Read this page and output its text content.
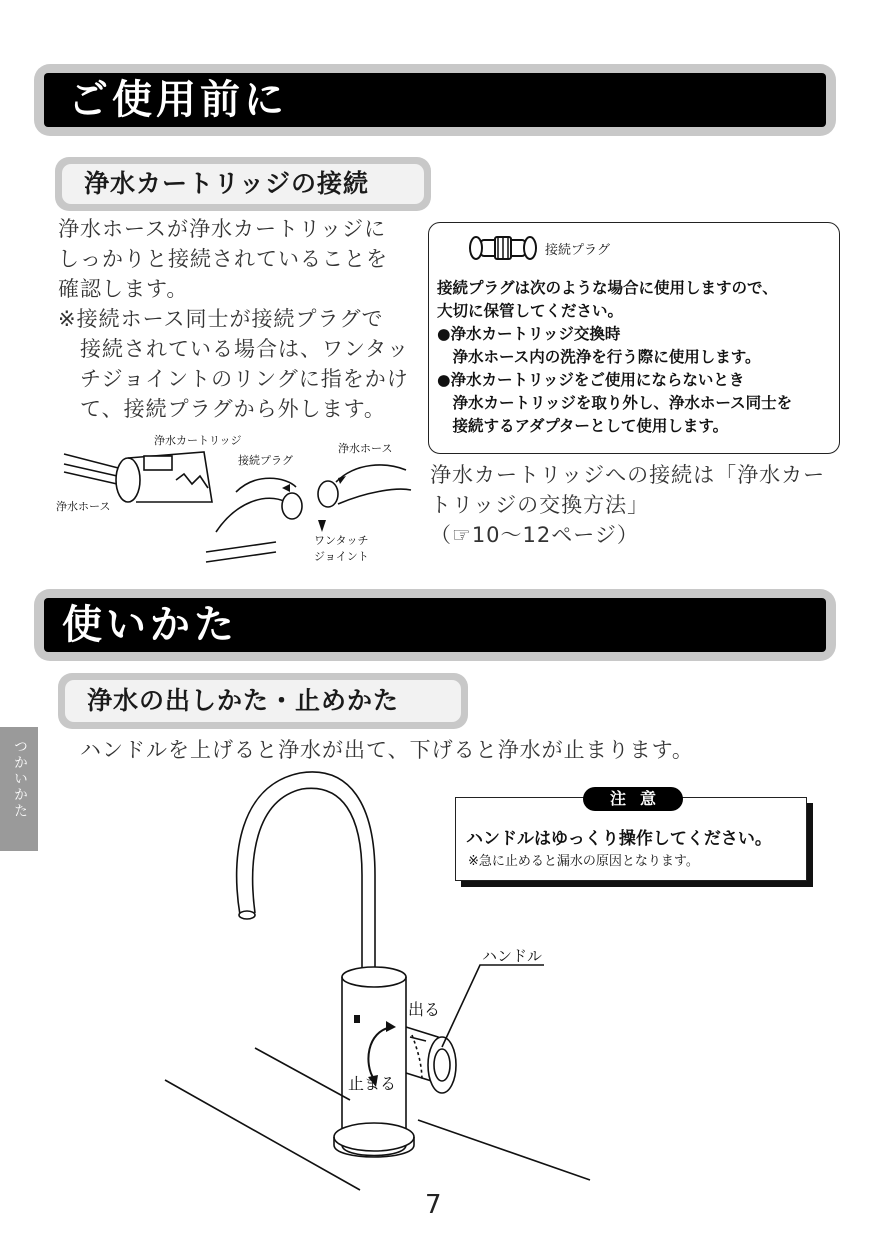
ご使用前に
浄水カートリッジの接続
浄水ホースが浄水カートリッジに
しっかりと接続されていることを
確認します。
※接続ホース同士が接続プラグで
　接続されている場合は、ワンタッ
　チジョイントのリングに指をかけ
　て、接続プラグから外します。
接続プラグ
接続プラグは次のような場合に使用しますので、
大切に保管してください。
●浄水カートリッジ交換時
　浄水ホース内の洗浄を行う際に使用します。
●浄水カートリッジをご使用にならないとき
　浄水カートリッジを取り外し、浄水ホース同士を
　接続するアダプターとして使用します。
浄水カートリッジへの接続は「浄水カー
トリッジの交換方法」
（☞10〜12ページ）
浄水カートリッジ
浄水ホース
接続プラグ
浄水ホース
ワンタッチ
ジョイント
使いかた
浄水の出しかた・止めかた
つかいかた ハンドルを上げると浄水が出て、下げると浄水が止まります。
ハンドルはゆっくり操作してください。
※急に止めると漏水の原因となります。
注意
ハンドル
出る
止まる
7
